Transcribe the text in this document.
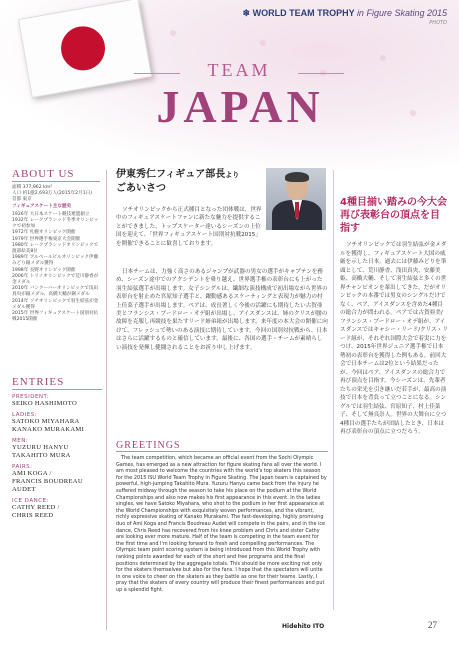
❄ WORLD TEAM TROPHY in Figure Skating 2015
PHOTO
TEAM
JAPAN
ABOUT US
面積 377,962 km²
人口 約1億2,693万人(2015年2月1日)
首都 東京
フィギュアスケート主な歴史
1926年 大日本スケート競技連盟創立
1932年 レークプラシッド冬季オリンピックで初参加
1972年 札幌オリンピック開催
1979年 世界選手権東京大会開催
1980年 レークプラシッドオリンピックで渡部絵美8位
1989年 アルベールビルオリンピック伊藤みどり銀メダル獲得
1998年 長野オリンピック開催
2006年 トリノオリンピックで荒川静香が金メダル
2010年 バンクーバーオリンピックで浅田真央が銀メダル、高橋大輔が銅メダル
2014年 ソチオリンピックで羽生結弦が金メダル獲得
2015年 世界フィギュアスケート国別対抗戦2015開催
ENTRIES
PRESIDENT:
SEIKO HASHIMOTO
LADIES:
SATOKO MIYAHARA
KANAKO MURAKAMI
MEN:
YUZURU HANYU
TAKAHITO MURA
PAIRS:
AMI KOGA /
FRANCIS BOUDREAU AUDET
ICE DANCE:
CATHY REED /
CHRIS REED
伊東秀仁フィギュア部長より
ごあいさつ
ソチオリンピックから正式種目となった団体戦は、世界中のフィギュアスケートファンに新たな魅力を提供することができました。トップスケーター達いるシーズンの上位国を迎えて、「世界フィギュアスケート国別対抗戦2015」を開催できることに歓喜しております。
日本チームは、力強く高さのあるジャンプが武器の男女の選手がキャプテンを務め、シーズン途中でのアクシデントを乗り越え、世界選手権の表彰台にも上がった羽生結弦選手が出場します。女子シングルは、繊細な演技構成で初出場ながら世界の表彰台を射止めた宮原知子選手と、躍動感あるスケーティングと表現力が魅力の村上佳菜子選手が出場します。ペアは、成長著しく今後の活躍にも期待したい古賀亜美とフランシス・ブードロー・オデ組が出場し、アイスダンスは、姉のクリスが腰の故障を克服し再競技を果たすリード姉弟組が出場します。来年度の本大会の開催に向けて、フレッシュで勢いのある演技に期待しています。今回の国別対抗戦から、日本はさらに活躍するものと確信しています。最後に、各国の選手・チームが素晴らしい演技を発揮し健闘されることをお祈り申し上げます。
GREETINGS
The team competition, which became an official event from the Sochi Olympic Games, has emerged as a new attraction for figure skating fans all over the world. I am most pleased to welcome the countries with the world's top skaters this season for the 2015 ISU World Team Trophy in Figure Skating. The Japan team is captained by powerful, high-jumping Takahito Mura. Yuzuru Hanyu came back from the injury he suffered midway through the season to take his place on the podium at the World Championships and also now makes his first appearance in this event. In the ladies singles, we have Satoko Miyahara, who shot to the podium in her first appearance at the World Championships with exquisitely woven performances, and the vibrant, richly expressive skating of Kanako Murakami. The fast-developing, highly promising duo of Ami Koga and Francis Boudreau Audet will compete in the pairs, and in the ice dance, Chris Reed has recovered from his knee problem and Chris and sister Cathy are looking ever more mature. Half of the team is competing in the team event for the first time and I'm looking forward to fresh and compelling performances. The Olympic team point scoring system is being introduced from this World Trophy with ranking points awarded for each of the short and free programs and the final positions determined by the aggregate totals. This should be more exciting not only for the skaters themselves but also for the fans. I hope that the spectators will unite in one voice to cheer on the skaters as they battle as one for their teams. Lastly, I pray that the skaters of every country will produce their finest performances and put up a splendid fight.
Hidehito ITO
4種目揃い踏みの今大会 再び表彰台の頂点を目指す
ソチオリンピックでは羽生結弦が金メダルを獲得し、フィギュアスケート大国の威厳を示した日本。過去には伊藤みどりを筆頭として、荒川静香、浅田真央、安藤美姫、高橋大輔、そして羽生結弦と多くの世界チャンピオンを輩出してきた。だがオリンピックの本番では男女のシングルだけでなく、ペア、アイスダンスを含めた4種目の総合力が問われる。ペアでは古賀亜美/フランシス・ブードロー・オデ組が、アイスダンスではキャシー・リード/クリス・リード組が、それぞれ国際大会で着実に力をつけ、2015年世界ジュニア選手権で日本勢初の表彰台を獲得した例もある。前回大会で日本チームは2位という結果だったが、今回はペア、アイスダンスの総合力で再び頂点を目指す。今シーズンは、先輩者たちの栄光を引き継いだ若手が、最高の演技で日本を背負って立つことになる。シングルでは羽生結弦、宮原知子、村上佳菜子、そして無良崇人。世界の大舞台に立つ4種目の選手たちが団結したとき、日本は再び表彰台の頂点に立つだろう。
27
